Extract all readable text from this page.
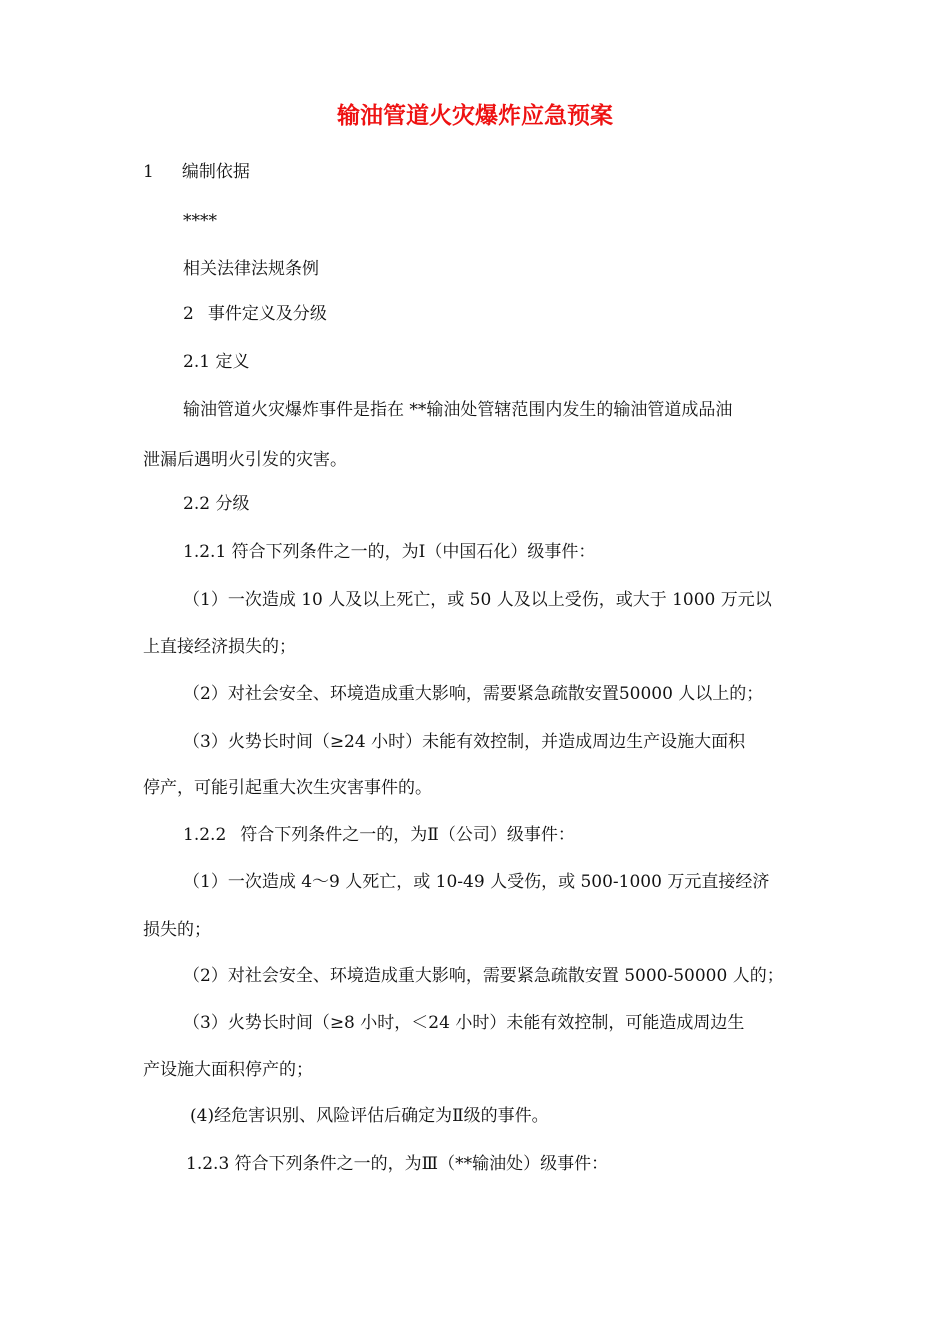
输油管道火灾爆炸应急预案
1 编制依据
****
相关法律法规条例
2 事件定义及分级
2.1 定义
输油管道火灾爆炸事件是指在 **输油处管辖范围内发生的输油管道成品油
泄漏后遇明火引发的灾害。
2.2 分级
1.2.1 符合下列条件之一的，为Ⅰ（中国石化）级事件：
（1）一次造成 10 人及以上死亡，或 50 人及以上受伤，或大于 1000 万元以
上直接经济损失的；
（2）对社会安全、环境造成重大影响，需要紧急疏散安置50000 人以上的；
（3）火势长时间（≥24 小时）未能有效控制，并造成周边生产设施大面积
停产，可能引起重大次生灾害事件的。
1.2.2 符合下列条件之一的，为Ⅱ（公司）级事件：
（1）一次造成 4～9 人死亡，或 10-49 人受伤，或 500-1000 万元直接经济
损失的；
（2）对社会安全、环境造成重大影响，需要紧急疏散安置 5000-50000 人的；
（3）火势长时间（≥8 小时，＜24 小时）未能有效控制，可能造成周边生
产设施大面积停产的；
(4)经危害识别、风险评估后确定为Ⅱ级的事件。
1.2.3 符合下列条件之一的，为Ⅲ（**输油处）级事件：
